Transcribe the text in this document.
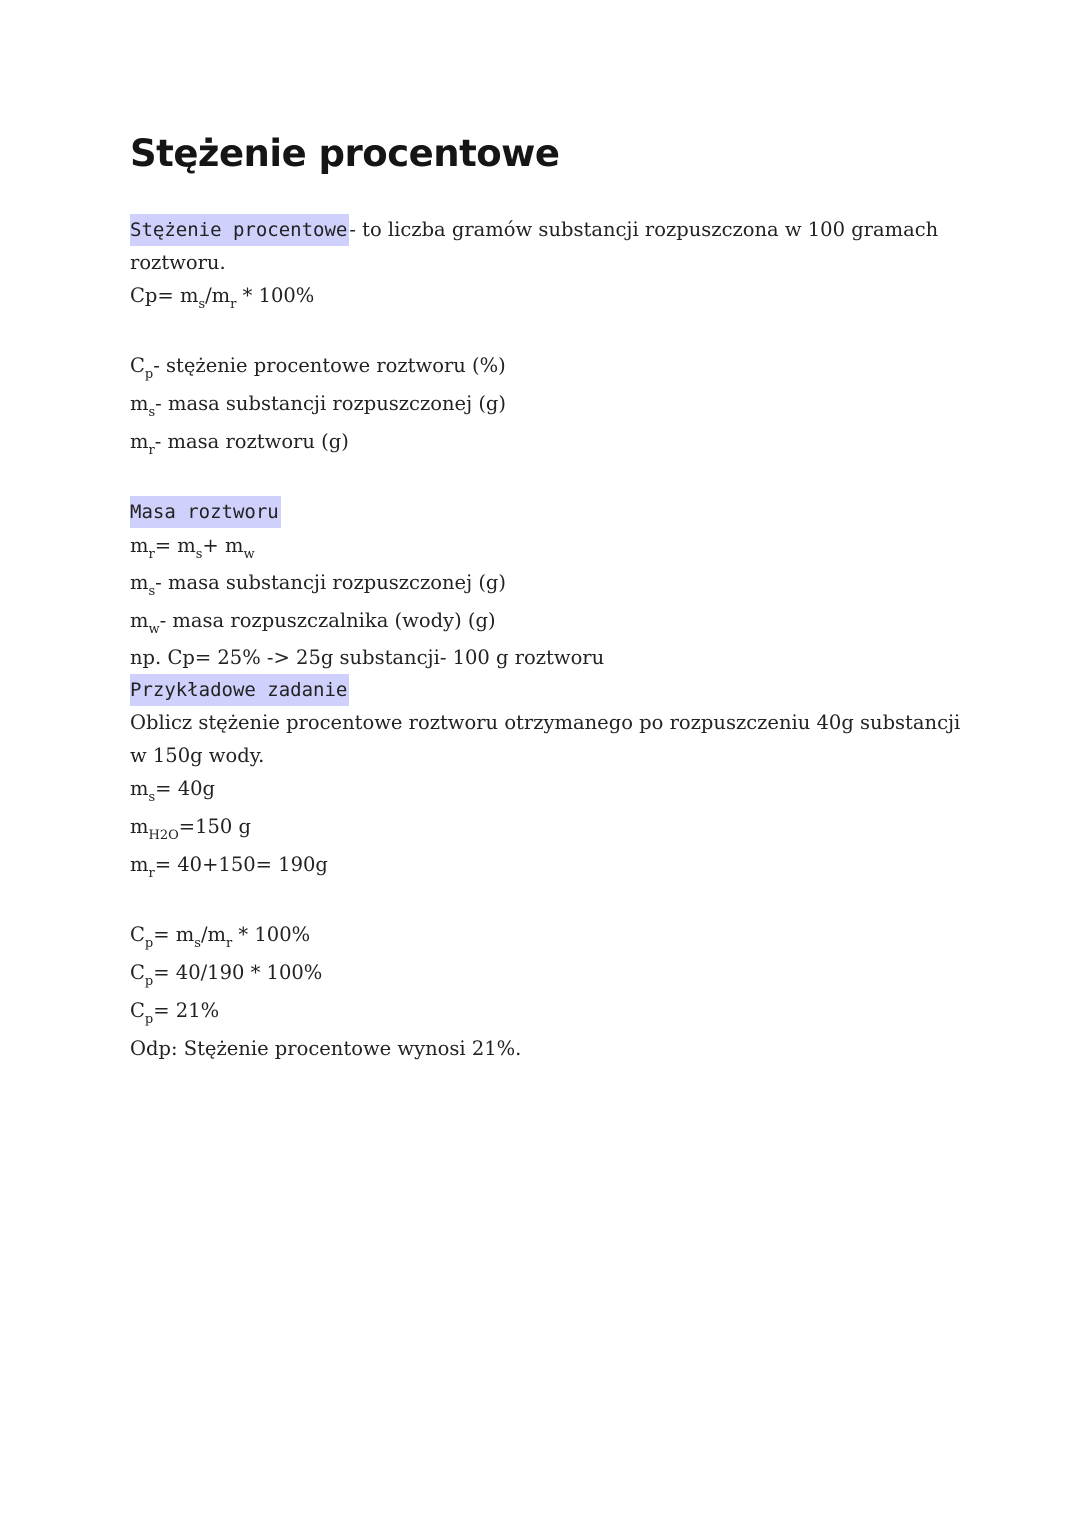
Stężenie procentowe
Stężenie procentowe - to liczba gramów substancji rozpuszczona w 100 gramach
roztworu.
$Cp= m_s/m_r * 100\%$
$C_p-$ stężenie procentowe roztworu (%)
$m_s-$ masa substancji rozpuszczonej (g)
$m_r-$ masa roztworu (g)
Masa roztworu
$m_r= m_s+ m_w$
$m_s-$ masa substancji rozpuszczonej (g)
$m_w-$ masa rozpuszczalnika (wody) (g)
np. Cp= 25% -> 25g substancji- 100 g roztworu
Przykładowe zadanie
Oblicz stężenie procentowe roztworu otrzymanego po rozpuszczeniu 40g substancji
w 150g wody.
$m_s= 40g$
$m_{H2O}=150$ g
$m_r= 40+150= 190g$
$C_p= m_s/m_r * 100\%$
$C_p= 40/190 * 100\%$
$C_p= 21\%$
Odp: Stężenie procentowe wynosi 21%.
